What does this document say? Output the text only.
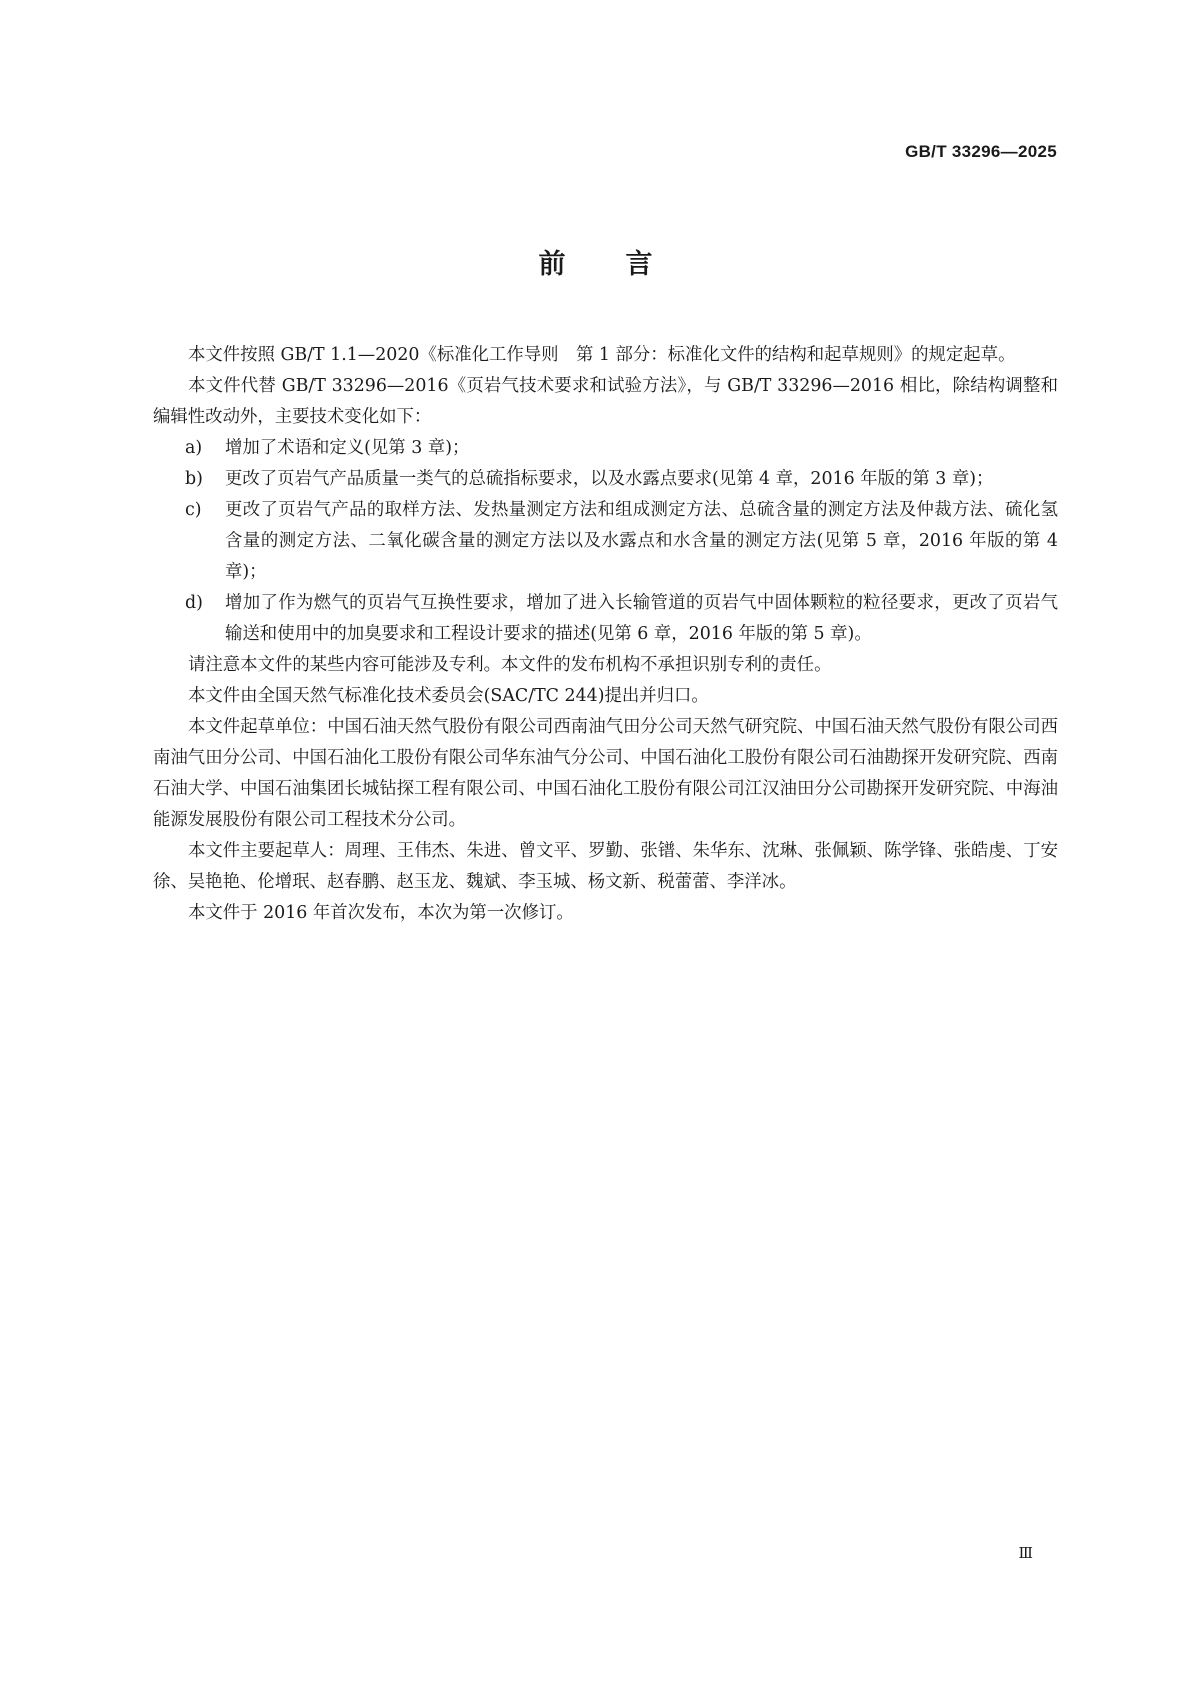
GB/T 33296—2025
前言

本文件按照 GB/T 1.1—2020《标准化工作导则　第 1 部分：标准化文件的结构和起草规则》的规定起草。

本文件代替 GB/T 33296—2016《页岩气技术要求和试验方法》，与 GB/T 33296—2016 相比，除结构调整和编辑性改动外，主要技术变化如下：

a) 增加了术语和定义(见第 3 章)；

b) 更改了页岩气产品质量一类气的总硫指标要求，以及水露点要求(见第 4 章，2016 年版的第 3 章)；

c) 更改了页岩气产品的取样方法、发热量测定方法和组成测定方法、总硫含量的测定方法及仲裁方法、硫化氢含量的测定方法、二氧化碳含量的测定方法以及水露点和水含量的测定方法(见第 5 章，2016 年版的第 4 章)；

d) 增加了作为燃气的页岩气互换性要求，增加了进入长输管道的页岩气中固体颗粒的粒径要求，更改了页岩气输送和使用中的加臭要求和工程设计要求的描述(见第 6 章，2016 年版的第 5 章)。

请注意本文件的某些内容可能涉及专利。本文件的发布机构不承担识别专利的责任。

本文件由全国天然气标准化技术委员会(SAC/TC 244)提出并归口。

本文件起草单位：中国石油天然气股份有限公司西南油气田分公司天然气研究院、中国石油天然气股份有限公司西南油气田分公司、中国石油化工股份有限公司华东油气分公司、中国石油化工股份有限公司石油勘探开发研究院、西南石油大学、中国石油集团长城钻探工程有限公司、中国石油化工股份有限公司江汉油田分公司勘探开发研究院、中海油能源发展股份有限公司工程技术分公司。

本文件主要起草人：周理、王伟杰、朱进、曾文平、罗勤、张镨、朱华东、沈琳、张佩颖、陈学锋、张皓虔、丁安徐、吴艳艳、伦增珉、赵春鹏、赵玉龙、魏斌、李玉城、杨文新、税蕾蕾、李洋冰。

本文件于 2016 年首次发布，本次为第一次修订。

Ⅲ
